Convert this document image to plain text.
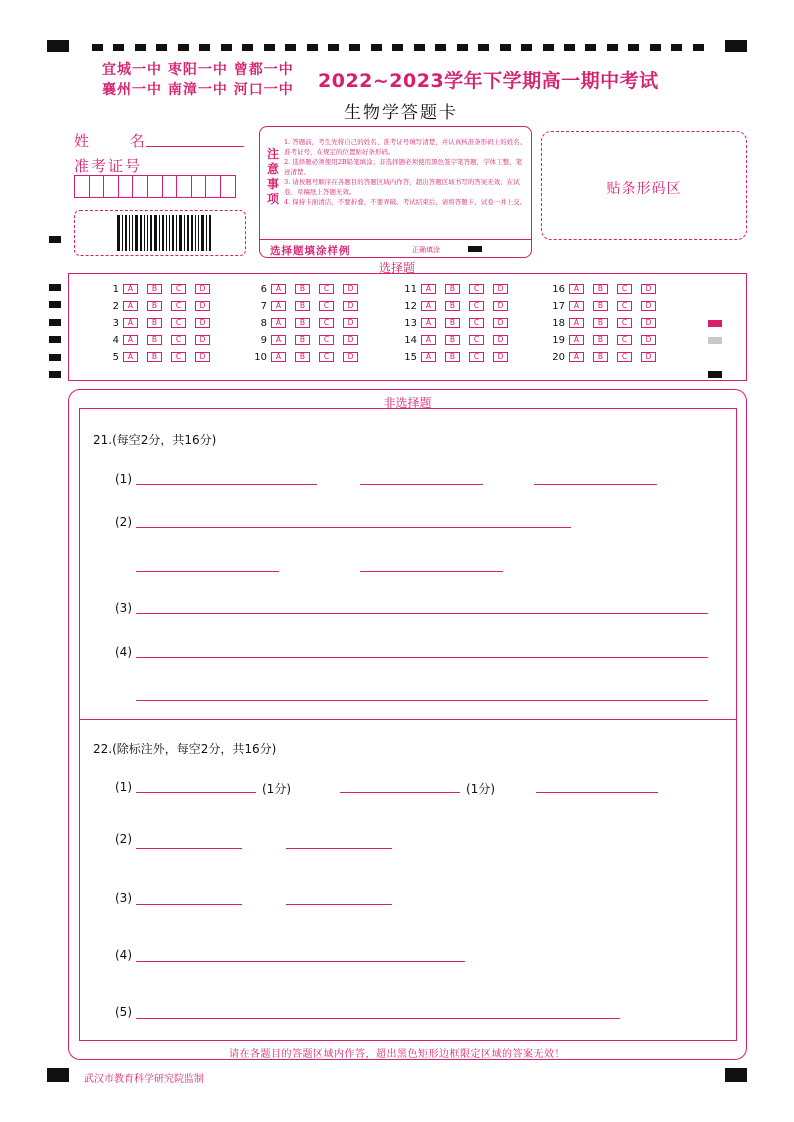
宜城一中 枣阳一中 曾都一中
襄州一中 南漳一中 河口一中 2022~2023学年下学期高一期中考试
生物学答题卡
姓 名
准考证号
注意事项
1. 答题前，考生先将自己的姓名、准考证号填写清楚，并认真核准条形码上的姓名、准考证号，在规定的位置贴好条形码。
2. 选择题必须使用2B铅笔填涂；非选择题必须使用黑色签字笔答题，字体工整、笔迹清楚。
3. 请按题号顺序在各题目的答题区域内作答，超出答题区域书写的答案无效；在试卷、草稿纸上答题无效。
4. 保持卡面清洁，不要折叠、不要弄破。考试结束后，请将答题卡、试卷一并上交。
选择题填涂样例	正确填涂
贴条形码区
选择题
1	A	B	C	D
2	A	B	C	D
3	A	B	C	D
4	A	B	C	D
5	A	B	C	D
6	A	B	C	D
7	A	B	C	D
8	A	B	C	D
9	A	B	C	D
10	A	B	C	D
11	A	B	C	D
12	A	B	C	D
13	A	B	C	D
14	A	B	C	D
15	A	B	C	D
16	A	B	C	D
17	A	B	C	D
18	A	B	C	D
19	A	B	C	D
20	A	B	C	D
非选择题
21.(每空2分，共16分)
(1)
(2)
(3)
(4)
22.(除标注外，每空2分，共16分)
(1)	(1分)	(1分)
(2)
(3)
(4)
(5)
请在各题目的答题区域内作答，超出黑色矩形边框限定区域的答案无效！
武汉市教育科学研究院监制
